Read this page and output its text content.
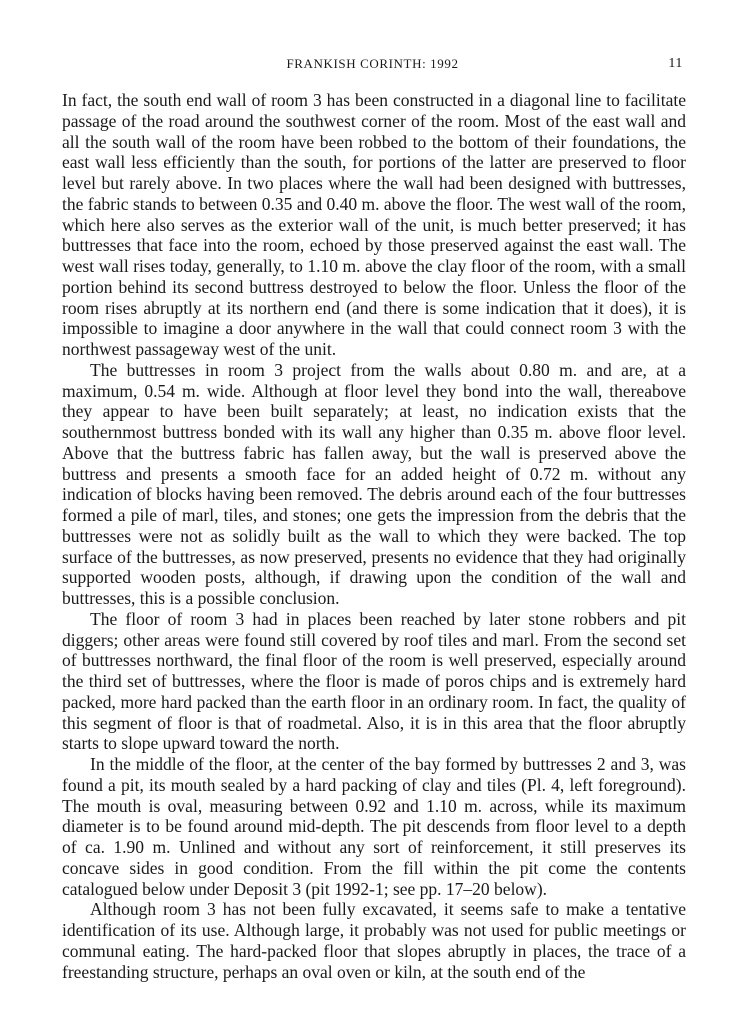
FRANKISH CORINTH: 1992	11

In fact, the south end wall of room 3 has been constructed in a diagonal line to facilitate passage of the road around the southwest corner of the room. Most of the east wall and all the south wall of the room have been robbed to the bottom of their foundations, the east wall less efficiently than the south, for portions of the latter are preserved to floor level but rarely above. In two places where the wall had been designed with buttresses, the fabric stands to between 0.35 and 0.40 m. above the floor. The west wall of the room, which here also serves as the exterior wall of the unit, is much better preserved; it has buttresses that face into the room, echoed by those preserved against the east wall. The west wall rises today, generally, to 1.10 m. above the clay floor of the room, with a small portion behind its second buttress destroyed to below the floor. Unless the floor of the room rises abruptly at its northern end (and there is some indication that it does), it is impossible to imagine a door anywhere in the wall that could connect room 3 with the northwest passageway west of the unit.

The buttresses in room 3 project from the walls about 0.80 m. and are, at a maximum, 0.54 m. wide. Although at floor level they bond into the wall, thereabove they appear to have been built separately; at least, no indication exists that the southernmost buttress bonded with its wall any higher than 0.35 m. above floor level. Above that the buttress fabric has fallen away, but the wall is preserved above the buttress and presents a smooth face for an added height of 0.72 m. without any indication of blocks having been removed. The debris around each of the four buttresses formed a pile of marl, tiles, and stones; one gets the impression from the debris that the buttresses were not as solidly built as the wall to which they were backed. The top surface of the buttresses, as now preserved, presents no evidence that they had originally supported wooden posts, although, if drawing upon the condition of the wall and buttresses, this is a possible conclusion.

The floor of room 3 had in places been reached by later stone robbers and pit diggers; other areas were found still covered by roof tiles and marl. From the second set of buttresses northward, the final floor of the room is well preserved, especially around the third set of buttresses, where the floor is made of poros chips and is extremely hard packed, more hard packed than the earth floor in an ordinary room. In fact, the quality of this segment of floor is that of roadmetal. Also, it is in this area that the floor abruptly starts to slope upward toward the north.

In the middle of the floor, at the center of the bay formed by buttresses 2 and 3, was found a pit, its mouth sealed by a hard packing of clay and tiles (Pl. 4, left foreground). The mouth is oval, measuring between 0.92 and 1.10 m. across, while its maximum diameter is to be found around mid-depth. The pit descends from floor level to a depth of ca. 1.90 m. Unlined and without any sort of reinforcement, it still preserves its concave sides in good condition. From the fill within the pit come the contents catalogued below under Deposit 3 (pit 1992-1; see pp. 17–20 below).

Although room 3 has not been fully excavated, it seems safe to make a tentative identification of its use. Although large, it probably was not used for public meetings or communal eating. The hard-packed floor that slopes abruptly in places, the trace of a freestanding structure, perhaps an oval oven or kiln, at the south end of the
